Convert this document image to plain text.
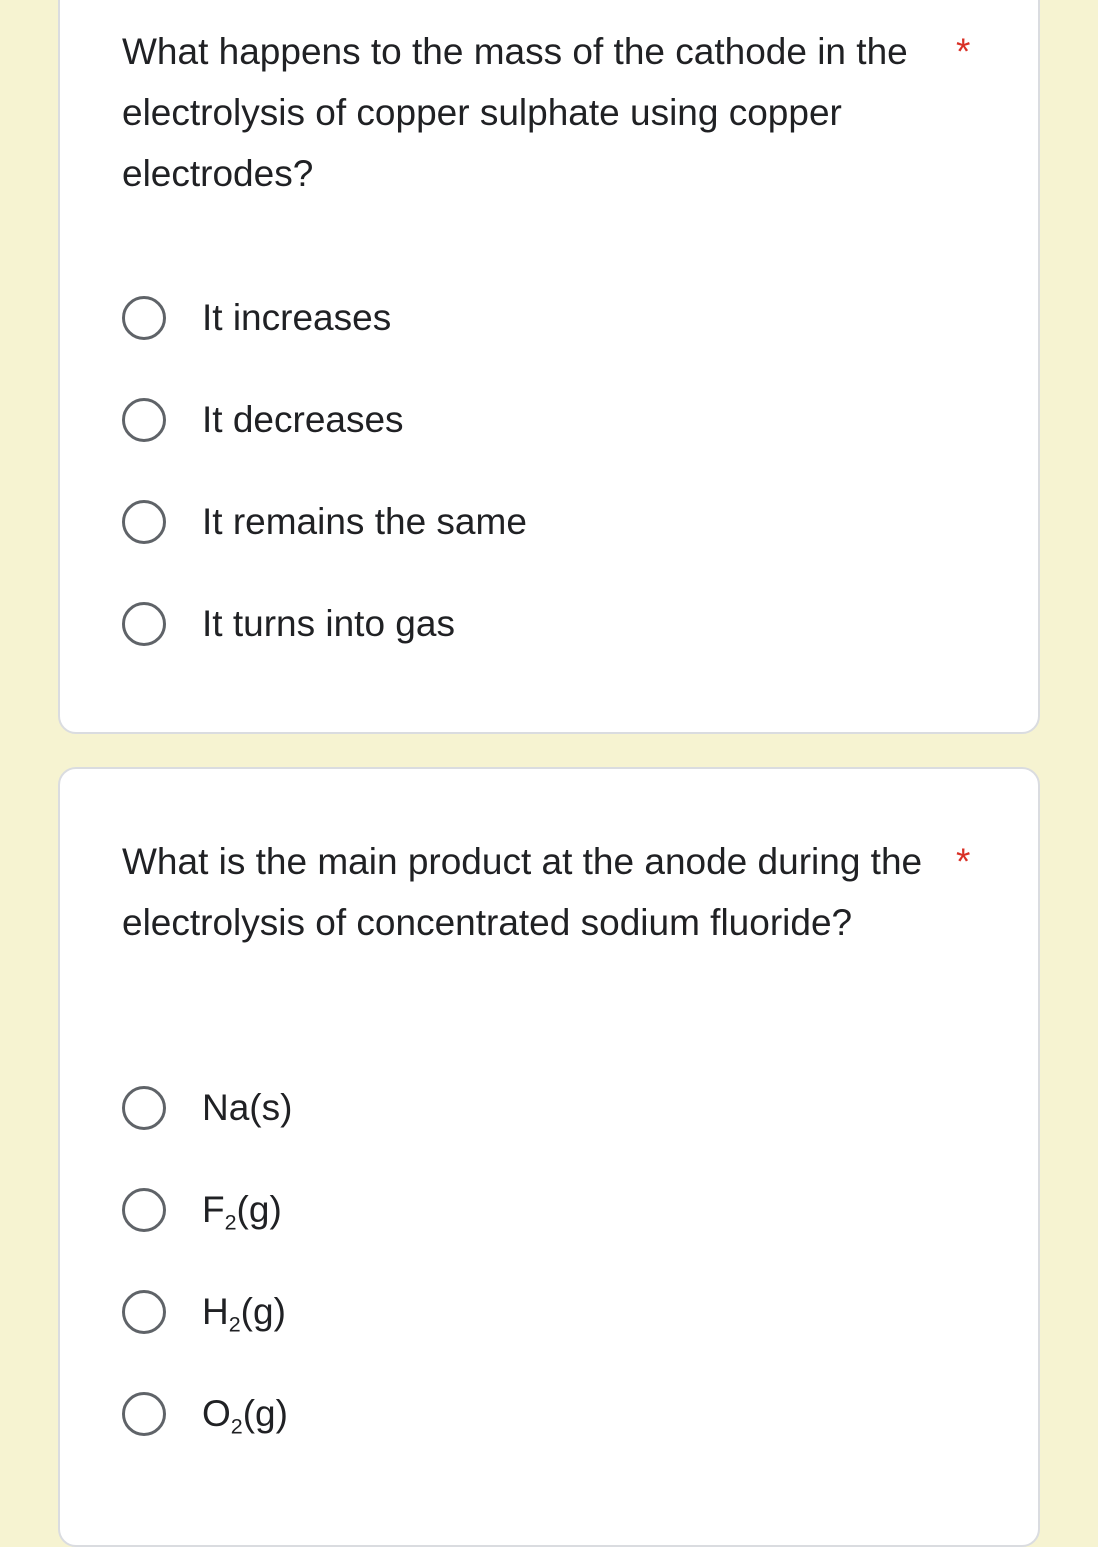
What happens to the mass of the cathode in the electrolysis of copper sulphate using copper electrodes?

*
It increases
It decreases
It remains the same
It turns into gas

What is the main product at the anode during the electrolysis of concentrated sodium fluoride?

*
Na(s)
$F_2(g)$
$H_2(g)$
$O_2(g)$
